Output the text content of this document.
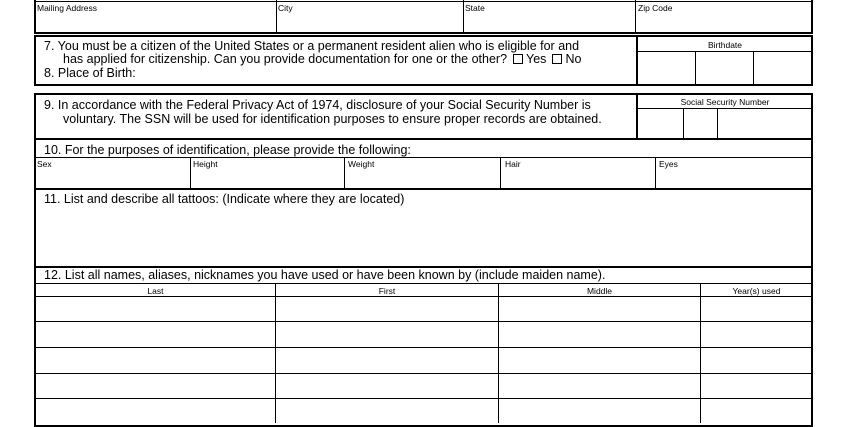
Mailing Address	City	State	Zip Code
7. You must be a citizen of the United States or a permanent resident alien who is eligible for and
has applied for citizenship. Can you provide documentation for one or the other? Yes No
8. Place of Birth:
Birthdate
9. In accordance with the Federal Privacy Act of 1974, disclosure of your Social Security Number is
voluntary. The SSN will be used for identification purposes to ensure proper records are obtained.
Social Security Number
10. For the purposes of identification, please provide the following:
Sex	Height	Weight	Hair	Eyes
11. List and describe all tattoos: (Indicate where they are located)
12. List all names, aliases, nicknames you have used or have been known by (include maiden name).
Last	First	Middle	Year(s) used
